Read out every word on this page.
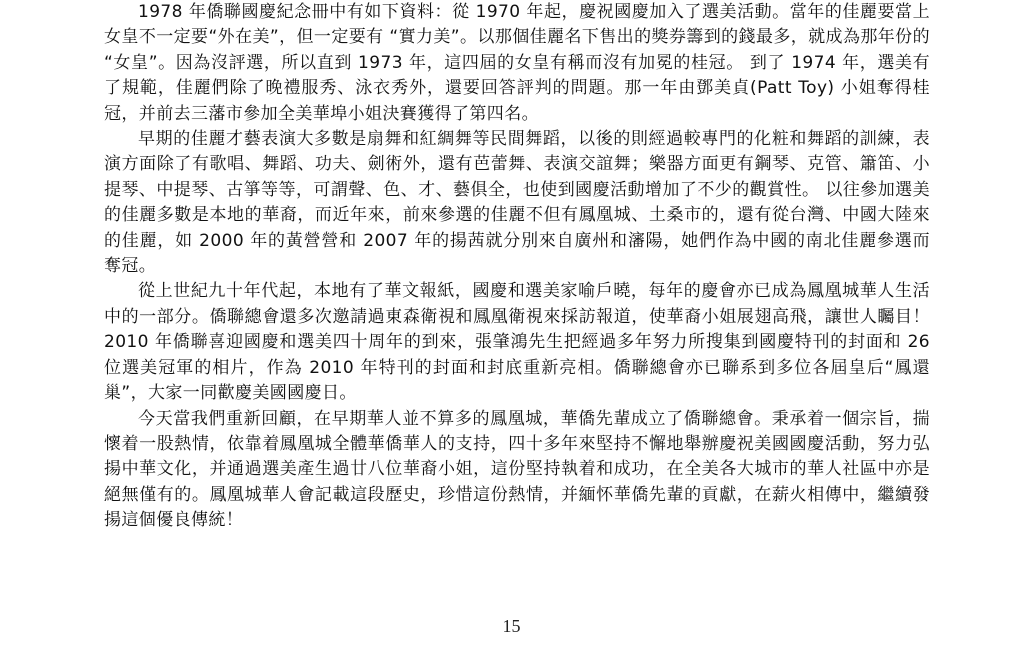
1978 年僑聯國慶紀念冊中有如下資料：從 1970 年起，慶祝國慶加入了選美活動。當年的佳麗要當上女皇不一定要“外在美”，但一定要有 “實力美”。以那個佳麗名下售出的獎券籌到的錢最多，就成為那年份的 “女皇”。因為沒評選，所以直到 1973 年，這四屆的女皇有稱而沒有加冕的桂冠。 到了 1974 年，選美有了規範，佳麗們除了晚禮服秀、泳衣秀外，還要回答評判的問題。那一年由鄧美貞(Patt Toy) 小姐奪得桂冠，并前去三藩市參加全美華埠小姐決賽獲得了第四名。

早期的佳麗才藝表演大多數是扇舞和紅綢舞等民間舞蹈，以後的則經過較專門的化粧和舞蹈的訓練，表演方面除了有歌唱、舞蹈、功夫、劍術外，還有芭蕾舞、表演交誼舞；樂器方面更有鋼琴、克管、簫笛、小提琴、中提琴、古箏等等，可謂聲、色、才、藝俱全，也使到國慶活動增加了不少的觀賞性。 以往參加選美的佳麗多數是本地的華裔，而近年來，前來參選的佳麗不但有鳳凰城、土桑市的，還有從台灣、中國大陸來的佳麗，如 2000 年的黃營營和 2007 年的揚茜就分別來自廣州和瀋陽，她們作為中國的南北佳麗參選而奪冠。

從上世紀九十年代起，本地有了華文報紙，國慶和選美家喻戶曉，每年的慶會亦已成為鳳凰城華人生活中的一部分。僑聯總會還多次邀請過東森衛視和鳳凰衛視來採訪報道，使華裔小姐展翅高飛，讓世人矚目！2010 年僑聯喜迎國慶和選美四十周年的到來，張肇鴻先生把經過多年努力所搜集到國慶特刊的封面和 26 位選美冠軍的相片，作為 2010 年特刊的封面和封底重新亮相。僑聯總會亦已聯系到多位各屆皇后“鳳還巢”，大家一同歡慶美國國慶日。

今天當我們重新回顧，在早期華人並不算多的鳳凰城，華僑先輩成立了僑聯總會。秉承着一個宗旨，揣懷着一股熱情，依靠着鳳凰城全體華僑華人的支持，四十多年來堅持不懈地舉辦慶祝美國國慶活動，努力弘揚中華文化，并通過選美產生過廿八位華裔小姐，這份堅持執着和成功，在全美各大城市的華人社區中亦是絕無僅有的。鳳凰城華人會記載這段歷史，珍惜這份熱情，并緬怀華僑先輩的貢獻，在薪火相傳中，繼續發揚這個優良傳統！

15
